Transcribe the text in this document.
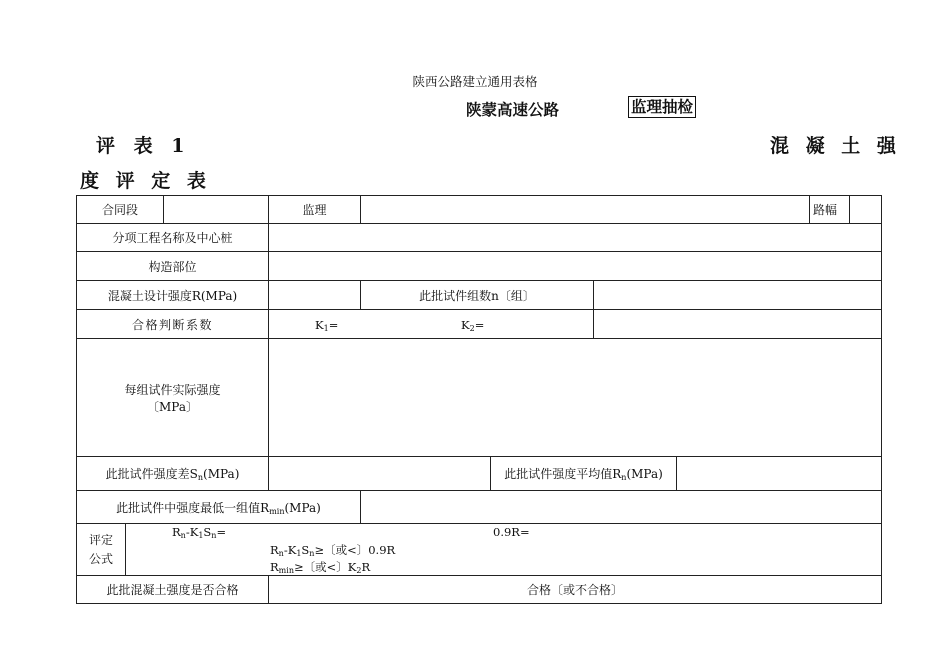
陕西公路建立通用表格
陕蒙高速公路	监理抽检
评 表 1	混 凝 土 强
度 评 定 表
合同段		监理			路幅	

分项工程名称及中心桩	
构造部位	
混凝土设计强度R(MPa)		此批试件组数n〔组〕	
合格判断系数	$K_1=$	$K_2=$

每组试件实际强度
〔MPa〕

此批试件强度差$S_n(MPa)$		此批试件强度平均值$R_n(MPa)$	
此批试件中强度最低一组值$R_{min}(MPa)$	

评定
公式

$R_n-K_1S_n=$	0.9R=
$R_n-K_1S_n\ge$〔或<〕0.9R
$R_{min}\ge$〔或<〕$K_2R$

此批混凝土强度是否合格	合格〔或不合格〕
